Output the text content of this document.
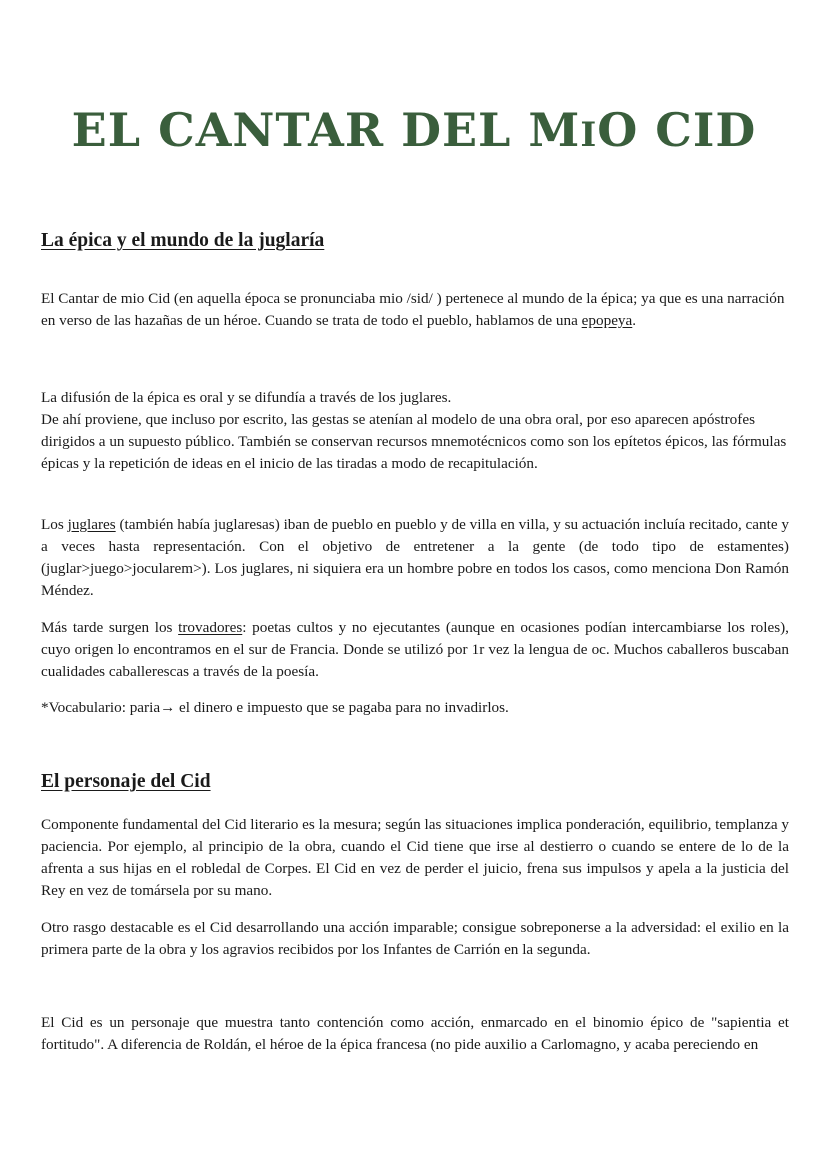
EL CANTAR DEL MIO CID
La épica y el mundo de la juglaría

El Cantar de mio Cid (en aquella época se pronunciaba mio /sid/ ) pertenece al mundo de la épica; ya que es una narración en verso de las hazañas de un héroe. Cuando se trata de todo el pueblo, hablamos de una epopeya.

La difusión de la épica es oral y se difundía a través de los juglares.
De ahí proviene, que incluso por escrito, las gestas se atenían al modelo de una obra oral, por eso aparecen apóstrofes dirigidos a un supuesto público. También se conservan recursos mnemotécnicos como son los epítetos épicos, las fórmulas épicas y la repetición de ideas en el inicio de las tiradas a modo de recapitulación.

Los juglares (también había juglaresas) iban de pueblo en pueblo y de villa en villa, y su actuación incluía recitado, cante y a veces hasta representación. Con el objetivo de entretener a la gente (de todo tipo de estamentes) (juglar>juego>jocularem>). Los juglares, ni siquiera era un hombre pobre en todos los casos, como menciona Don Ramón Méndez.

Más tarde surgen los trovadores: poetas cultos y no ejecutantes (aunque en ocasiones podían intercambiarse los roles), cuyo origen lo encontramos en el sur de Francia. Donde se utilizó por 1r vez la lengua de oc. Muchos caballeros buscaban cualidades caballerescas a través de la poesía.

*Vocabulario: paria→ el dinero e impuesto que se pagaba para no invadirlos.

El personaje del Cid

Componente fundamental del Cid literario es la mesura; según las situaciones implica ponderación, equilibrio, templanza y paciencia. Por ejemplo, al principio de la obra, cuando el Cid tiene que irse al destierro o cuando se entere de lo de la afrenta a sus hijas en el robledal de Corpes. El Cid en vez de perder el juicio, frena sus impulsos y apela a la justicia del Rey en vez de tomársela por su mano.

Otro rasgo destacable es el Cid desarrollando una acción imparable; consigue sobreponerse a la adversidad: el exilio en la primera parte de la obra y los agravios recibidos por los Infantes de Carrión en la segunda.

El Cid es un personaje que muestra tanto contención como acción, enmarcado en el binomio épico de "sapientia et fortitudo". A diferencia de Roldán, el héroe de la épica francesa (no pide auxilio a Carlomagno, y acaba pereciendo en
